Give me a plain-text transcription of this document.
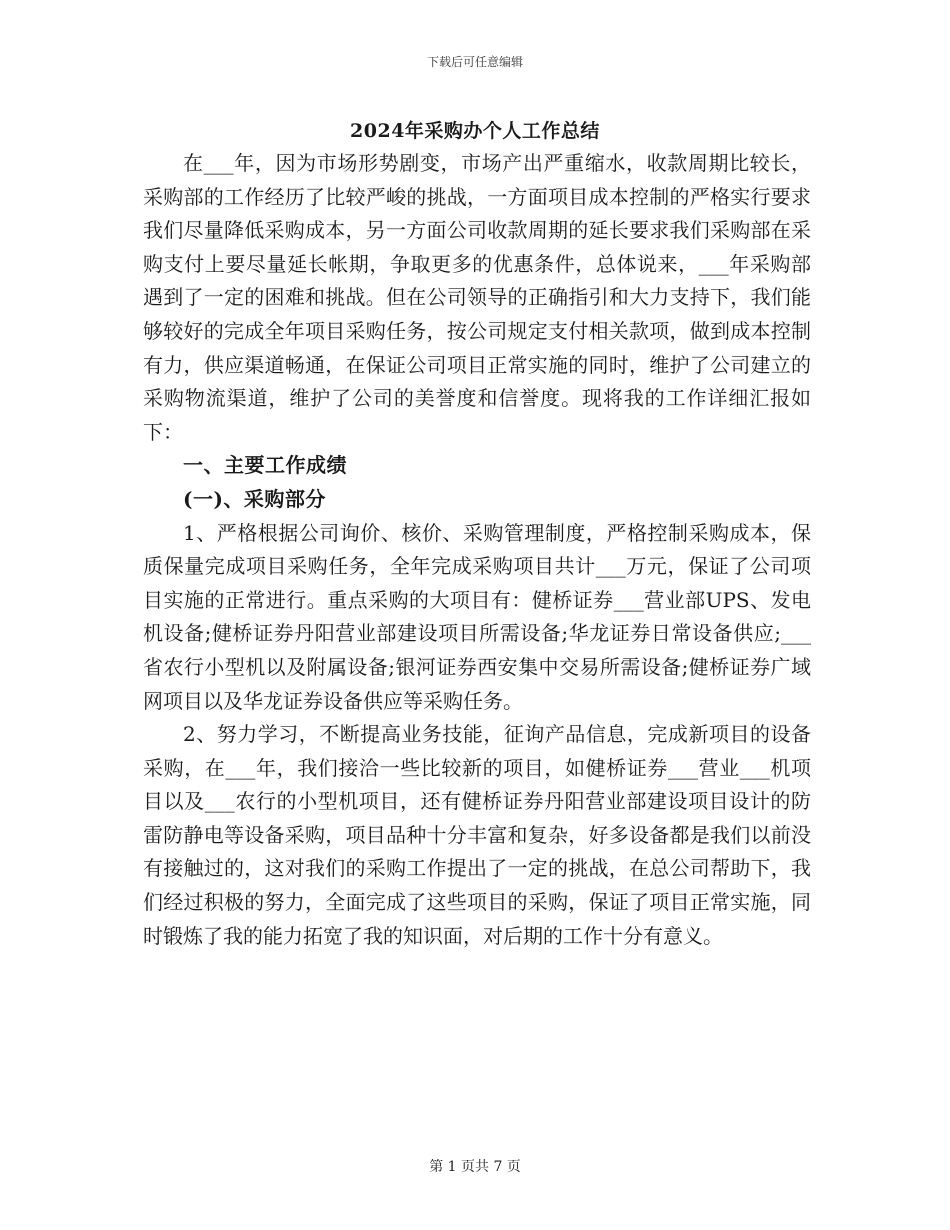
下载后可任意编辑
2024年采购办个人工作总结

在___年，因为市场形势剧变，市场产出严重缩水，收款周期比较长，采购部的工作经历了比较严峻的挑战，一方面项目成本控制的严格实行要求我们尽量降低采购成本，另一方面公司收款周期的延长要求我们采购部在采购支付上要尽量延长帐期，争取更多的优惠条件，总体说来，___年采购部遇到了一定的困难和挑战。但在公司领导的正确指引和大力支持下，我们能够较好的完成全年项目采购任务，按公司规定支付相关款项，做到成本控制有力，供应渠道畅通，在保证公司项目正常实施的同时，维护了公司建立的采购物流渠道，维护了公司的美誉度和信誉度。现将我的工作详细汇报如下：

一、主要工作成绩
(一)、采购部分

1、严格根据公司询价、核价、采购管理制度，严格控制采购成本，保质保量完成项目采购任务，全年完成采购项目共计___万元，保证了公司项目实施的正常进行。重点采购的大项目有：健桥证券___营业部UPS、发电机设备;健桥证券丹阳营业部建设项目所需设备;华龙证券日常设备供应;___省农行小型机以及附属设备;银河证券西安集中交易所需设备;健桥证券广域网项目以及华龙证券设备供应等采购任务。

2、努力学习，不断提高业务技能，征询产品信息，完成新项目的设备采购，在___年，我们接洽一些比较新的项目，如健桥证券___营业___机项目以及___农行的小型机项目，还有健桥证券丹阳营业部建设项目设计的防雷防静电等设备采购，项目品种十分丰富和复杂，好多设备都是我们以前没有接触过的，这对我们的采购工作提出了一定的挑战，在总公司帮助下，我们经过积极的努力，全面完成了这些项目的采购，保证了项目正常实施，同时锻炼了我的能力拓宽了我的知识面，对后期的工作十分有意义。

第 1 页共 7 页
